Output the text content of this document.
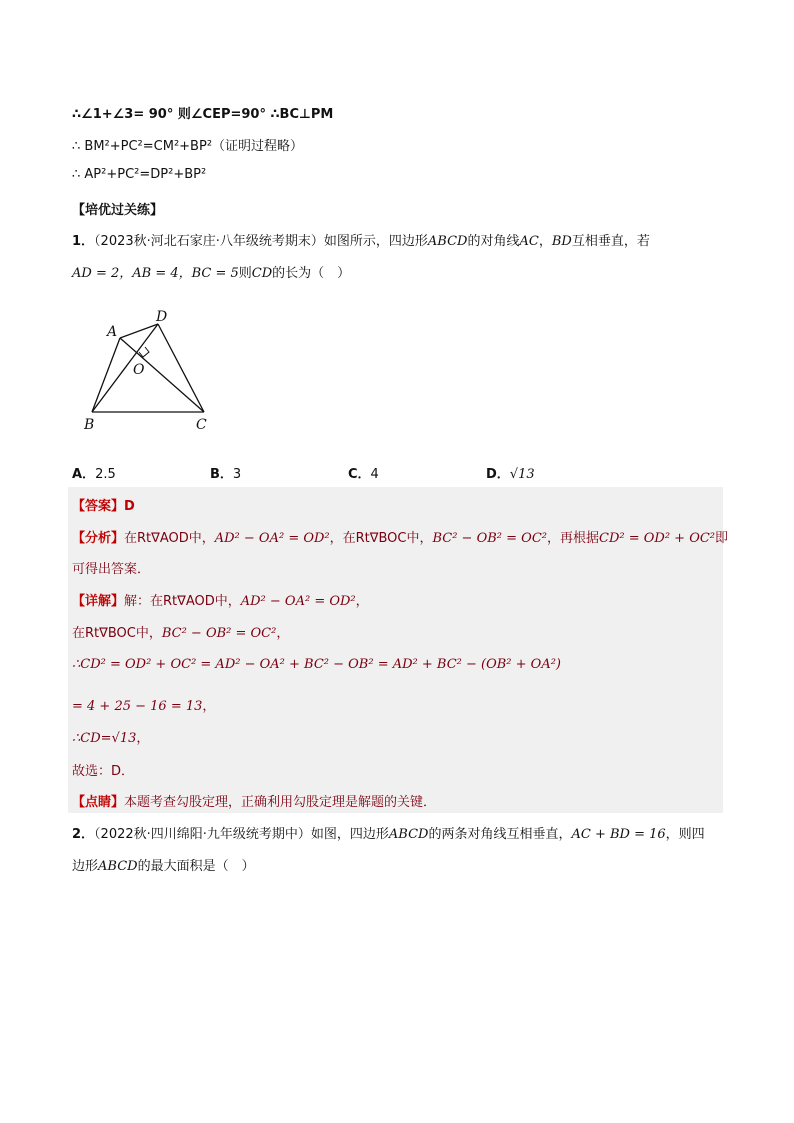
∴∠1+∠3= 90° 则∠CEP=90° ∴BC⊥PM
∴ BM²+PC²=CM²+BP²（证明过程略）
∴ AP²+PC²=DP²+BP²
【培优过关练】
1．（2023秋·河北石家庄·八年级统考期末）如图所示，四边形ABCD的对角线AC，BD互相垂直，若
AD = 2，AB = 4，BC = 5则CD的长为（　）
A
D
O
B	C
A．2.5	B．3	C．4	D．√13
【答案】D
【分析】在Rt∇AOD中，AD² − OA² = OD²，在Rt∇BOC中，BC² − OB² = OC²，再根据CD² = OD² + OC²即
可得出答案．
【详解】解：在Rt∇AOD中，AD² − OA² = OD²，
在Rt∇BOC中，BC² − OB² = OC²，
∴CD² = OD² + OC² = AD² − OA² + BC² − OB² = AD² + BC² − (OB² + OA²)
= 4 + 25 − 16 = 13，
∴CD=√13，
故选：D．
【点睛】本题考查勾股定理，正确利用勾股定理是解题的关键．
2．（2022秋·四川绵阳·九年级统考期中）如图，四边形ABCD的两条对角线互相垂直，AC + BD = 16，则四
边形ABCD的最大面积是（　）
